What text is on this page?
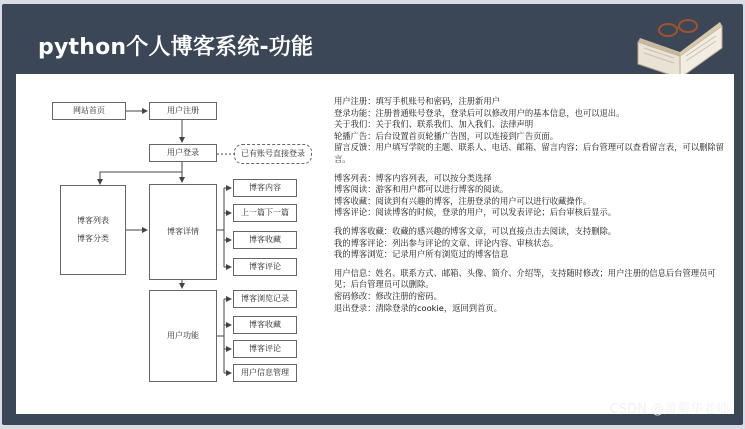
python个人博客系统-功能
网站首页	用户注册
用户登录	已有账号直接登录
博客列表
博客分类
博客详情
博客内容
上一篇下一篇
博客收藏
博客评论
用户功能
博客浏览记录
博客收藏
博客评论
用户信息管理
用户注册：填写手机账号和密码，注册新用户
登录功能：注册普通账号登录，登录后可以修改用户的基本信息，也可以退出。
关于我们：关于我们、联系我们、加入我们、法律声明
轮播广告：后台设置首页轮播广告图，可以连接到广告页面。
留言反馈：用户填写学院的主题、联系人、电话、邮箱、留言内容；后台管理可以查看留言表，可以删除留言。
博客列表：博客内容列表，可以按分类选择
博客阅读：游客和用户都可以进行博客的阅读。
博客收藏：阅读到有兴趣的博客，注册登录的用户可以进行收藏操作。
博客评论：阅读博客的时候，登录的用户，可以发表评论；后台审核后显示。
我的博客收藏：收藏的感兴趣的博客文章，可以直接点击去阅读，支持删除。
我的博客评论：列出参与评论的文章、评论内容、审核状态。
我的博客浏览：记录用户所有浏览过的博客信息
用户信息：姓名、联系方式、邮箱、头像、简介、介绍等，支持随时修改；用户注册的信息后台管理员可见；后台管理员可以删除。
密码修改：修改注册的密码。
退出登录：清除登录的cookie，返回到首页。
CSDN @黄菊华老师
